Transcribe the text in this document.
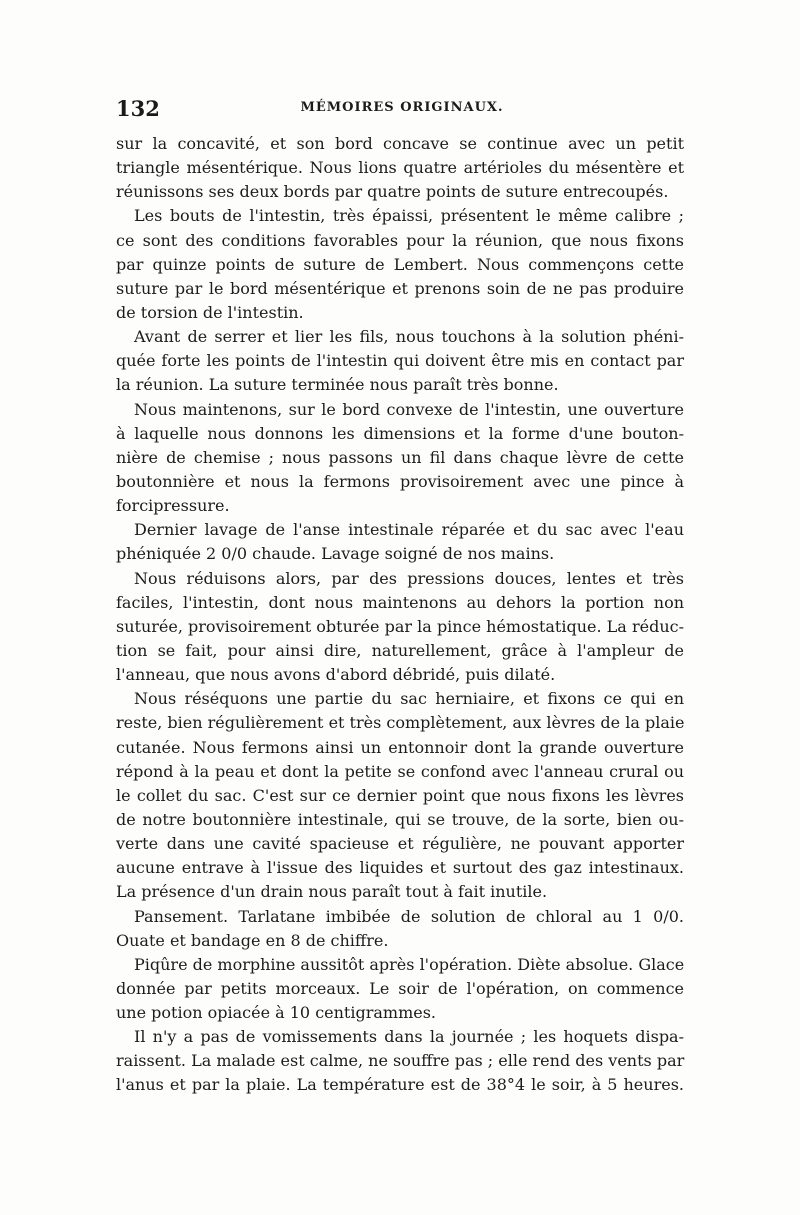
132	MÉMOIRES ORIGINAUX.
sur la concavité, et son bord concave se continue avec un petit
triangle mésentérique. Nous lions quatre artérioles du mésentère et
réunissons ses deux bords par quatre points de suture entrecoupés.
Les bouts de l'intestin, très épaissi, présentent le même calibre ;
ce sont des conditions favorables pour la réunion, que nous fixons
par quinze points de suture de Lembert. Nous commençons cette
suture par le bord mésentérique et prenons soin de ne pas produire
de torsion de l'intestin.
Avant de serrer et lier les fils, nous touchons à la solution phéni-
quée forte les points de l'intestin qui doivent être mis en contact par
la réunion. La suture terminée nous paraît très bonne.
Nous maintenons, sur le bord convexe de l'intestin, une ouverture
à laquelle nous donnons les dimensions et la forme d'une bouton-
nière de chemise ; nous passons un fil dans chaque lèvre de cette
boutonnière et nous la fermons provisoirement avec une pince à
forcipressure.
Dernier lavage de l'anse intestinale réparée et du sac avec l'eau
phéniquée 2 0/0 chaude. Lavage soigné de nos mains.
Nous réduisons alors, par des pressions douces, lentes et très
faciles, l'intestin, dont nous maintenons au dehors la portion non
suturée, provisoirement obturée par la pince hémostatique. La réduc-
tion se fait, pour ainsi dire, naturellement, grâce à l'ampleur de
l'anneau, que nous avons d'abord débridé, puis dilaté.
Nous réséquons une partie du sac herniaire, et fixons ce qui en
reste, bien régulièrement et très complètement, aux lèvres de la plaie
cutanée. Nous fermons ainsi un entonnoir dont la grande ouverture
répond à la peau et dont la petite se confond avec l'anneau crural ou
le collet du sac. C'est sur ce dernier point que nous fixons les lèvres
de notre boutonnière intestinale, qui se trouve, de la sorte, bien ou-
verte dans une cavité spacieuse et régulière, ne pouvant apporter
aucune entrave à l'issue des liquides et surtout des gaz intestinaux.
La présence d'un drain nous paraît tout à fait inutile.
Pansement. Tarlatane imbibée de solution de chloral au 1 0/0.
Ouate et bandage en 8 de chiffre.
Piqûre de morphine aussitôt après l'opération. Diète absolue. Glace
donnée par petits morceaux. Le soir de l'opération, on commence
une potion opiacée à 10 centigrammes.
Il n'y a pas de vomissements dans la journée ; les hoquets dispa-
raissent. La malade est calme, ne souffre pas ; elle rend des vents par
l'anus et par la plaie. La température est de 38°4 le soir, à 5 heures.
